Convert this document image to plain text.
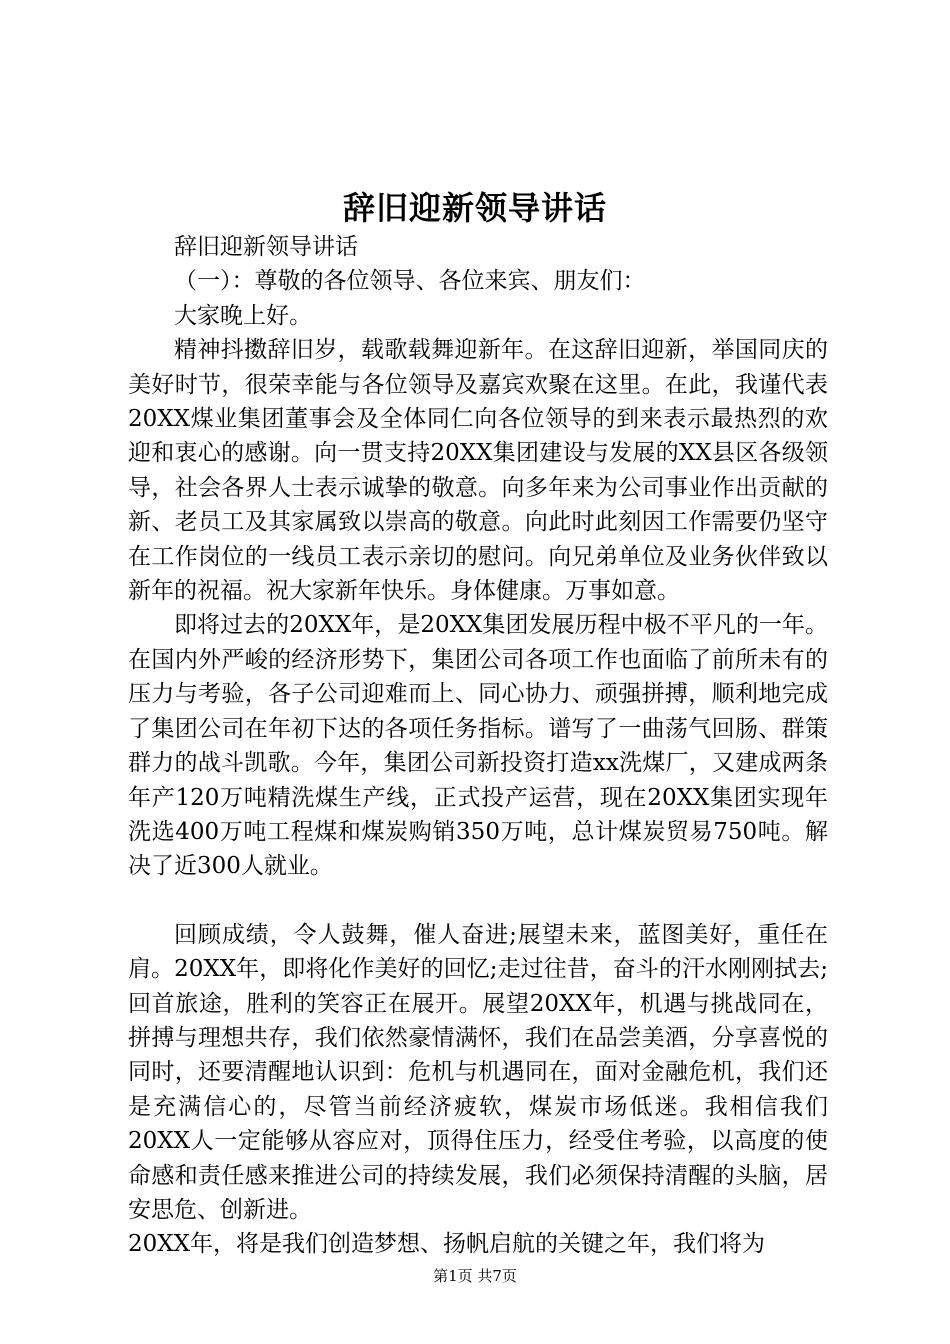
辞旧迎新领导讲话

辞旧迎新领导讲话

（一）：尊敬的各位领导、各位来宾、朋友们：

大家晚上好。

精神抖擞辞旧岁，载歌载舞迎新年。在这辞旧迎新，举国同庆的美好时节，很荣幸能与各位领导及嘉宾欢聚在这里。在此，我谨代表20XX煤业集团董事会及全体同仁向各位领导的到来表示最热烈的欢迎和衷心的感谢。向一贯支持20XX集团建设与发展的XX县区各级领导，社会各界人士表示诚挚的敬意。向多年来为公司事业作出贡献的新、老员工及其家属致以崇高的敬意。向此时此刻因工作需要仍坚守在工作岗位的一线员工表示亲切的慰问。向兄弟单位及业务伙伴致以新年的祝福。祝大家新年快乐。身体健康。万事如意。

即将过去的20XX年，是20XX集团发展历程中极不平凡的一年。在国内外严峻的经济形势下，集团公司各项工作也面临了前所未有的压力与考验，各子公司迎难而上、同心协力、顽强拼搏，顺利地完成了集团公司在年初下达的各项任务指标。谱写了一曲荡气回肠、群策群力的战斗凯歌。今年，集团公司新投资打造xx洗煤厂，又建成两条年产120万吨精洗煤生产线，正式投产运营，现在20XX集团实现年洗选400万吨工程煤和煤炭购销350万吨，总计煤炭贸易750吨。解决了近300人就业。

回顾成绩，令人鼓舞，催人奋进;展望未来，蓝图美好，重任在肩。20XX年，即将化作美好的回忆;走过往昔，奋斗的汗水刚刚拭去;回首旅途，胜利的笑容正在展开。展望20XX年，机遇与挑战同在，拼搏与理想共存，我们依然豪情满怀，我们在品尝美酒，分享喜悦的同时，还要清醒地认识到：危机与机遇同在，面对金融危机，我们还是充满信心的，尽管当前经济疲软，煤炭市场低迷。我相信我们20XX人一定能够从容应对，顶得住压力，经受住考验，以高度的使命感和责任感来推进公司的持续发展，我们必须保持清醒的头脑，居安思危、创新进。

20XX年，将是我们创造梦想、扬帆启航的关键之年，我们将为

第1页 共7页
